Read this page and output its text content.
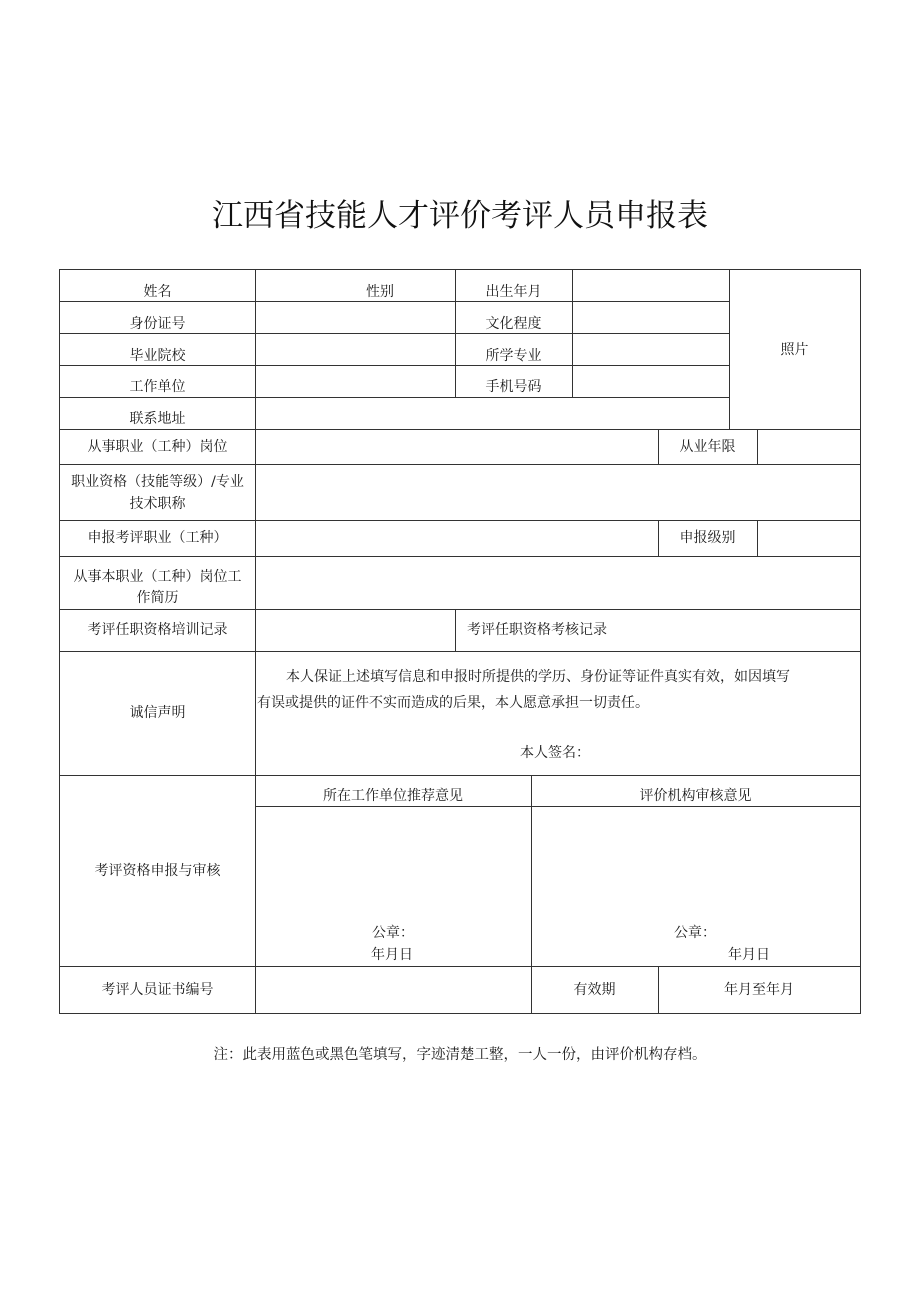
江西省技能人才评价考评人员申报表
姓名	性别	出生年月
照片
身份证号	文化程度
毕业院校	所学专业
工作单位	手机号码
联系地址
从事职业（工种）岗位	从业年限
职业资格（技能等级）/专业
技术职称
申报考评职业（工种）	申报级别
从事本职业（工种）岗位工
作简历
考评任职资格培训记录	考评任职资格考核记录
诚信声明
本人保证上述填写信息和申报时所提供的学历、身份证等证件真实有效，如因填写
有误或提供的证件不实而造成的后果，本人愿意承担一切责任。
本人签名：
考评资格申报与审核
所在工作单位推荐意见	评价机构审核意见
公章：
年月日
公章：
年月日
考评人员证书编号	有效期	年月至年月
注：此表用蓝色或黑色笔填写，字迹清楚工整，一人一份，由评价机构存档。
